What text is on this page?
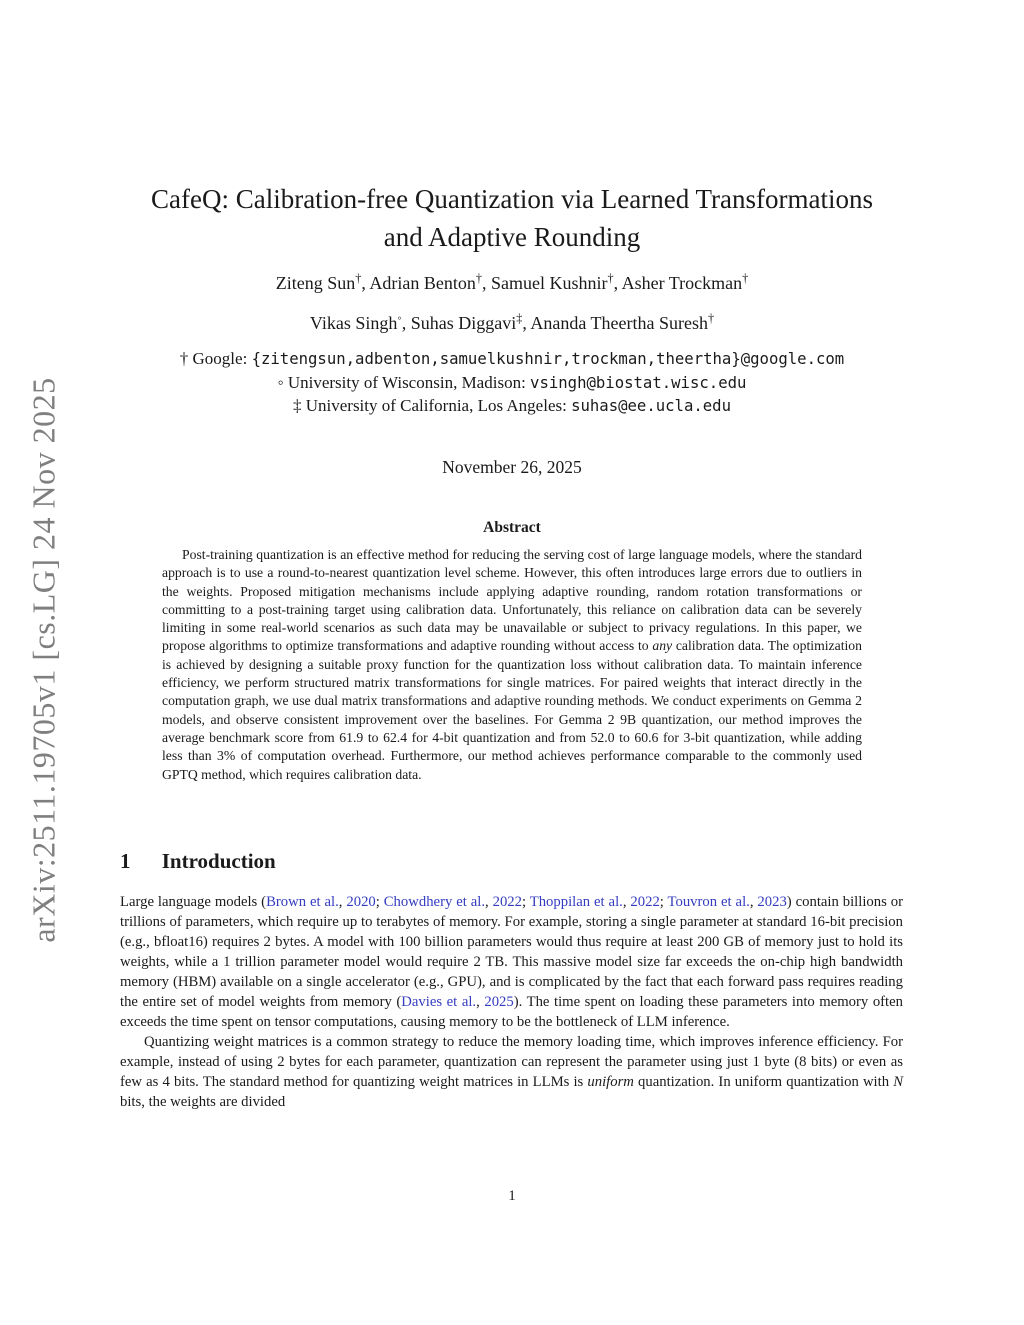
arXiv:2511.19705v1 [cs.LG] 24 Nov 2025
CafeQ: Calibration-free Quantization via Learned Transformations
and Adaptive Rounding
Ziteng Sun†, Adrian Benton†, Samuel Kushnir†, Asher Trockman†
Vikas Singh◦, Suhas Diggavi‡, Ananda Theertha Suresh†
† Google: {zitengsun,adbenton,samuelkushnir,trockman,theertha}@google.com
◦ University of Wisconsin, Madison: vsingh@biostat.wisc.edu
‡ University of California, Los Angeles: suhas@ee.ucla.edu
November 26, 2025
Abstract

Post-training quantization is an effective method for reducing the serving cost of large language models, where the standard approach is to use a round-to-nearest quantization level scheme. However, this often introduces large errors due to outliers in the weights. Proposed mitigation mechanisms include applying adaptive rounding, random rotation transformations or committing to a post-training target using calibration data. Unfortunately, this reliance on calibration data can be severely limiting in some real-world scenarios as such data may be unavailable or subject to privacy regulations. In this paper, we propose algorithms to optimize transformations and adaptive rounding without access to any calibration data. The optimization is achieved by designing a suitable proxy function for the quantization loss without calibration data. To maintain inference efficiency, we perform structured matrix transformations for single matrices. For paired weights that interact directly in the computation graph, we use dual matrix transformations and adaptive rounding methods. We conduct experiments on Gemma 2 models, and observe consistent improvement over the baselines. For Gemma 2 9B quantization, our method improves the average benchmark score from 61.9 to 62.4 for 4-bit quantization and from 52.0 to 60.6 for 3-bit quantization, while adding less than 3% of computation overhead. Furthermore, our method achieves performance comparable to the commonly used GPTQ method, which requires calibration data.

1 Introduction

Large language models (Brown et al., 2020; Chowdhery et al., 2022; Thoppilan et al., 2022; Touvron et al., 2023) contain billions or trillions of parameters, which require up to terabytes of memory. For example, storing a single parameter at standard 16-bit precision (e.g., bfloat16) requires 2 bytes. A model with 100 billion parameters would thus require at least 200 GB of memory just to hold its weights, while a 1 trillion parameter model would require 2 TB. This massive model size far exceeds the on-chip high bandwidth memory (HBM) available on a single accelerator (e.g., GPU), and is complicated by the fact that each forward pass requires reading the entire set of model weights from memory (Davies et al., 2025). The time spent on loading these parameters into memory often exceeds the time spent on tensor computations, causing memory to be the bottleneck of LLM inference.

Quantizing weight matrices is a common strategy to reduce the memory loading time, which improves inference efficiency. For example, instead of using 2 bytes for each parameter, quantization can represent the parameter using just 1 byte (8 bits) or even as few as 4 bits. The standard method for quantizing weight matrices in LLMs is uniform quantization. In uniform quantization with N bits, the weights are divided

1
